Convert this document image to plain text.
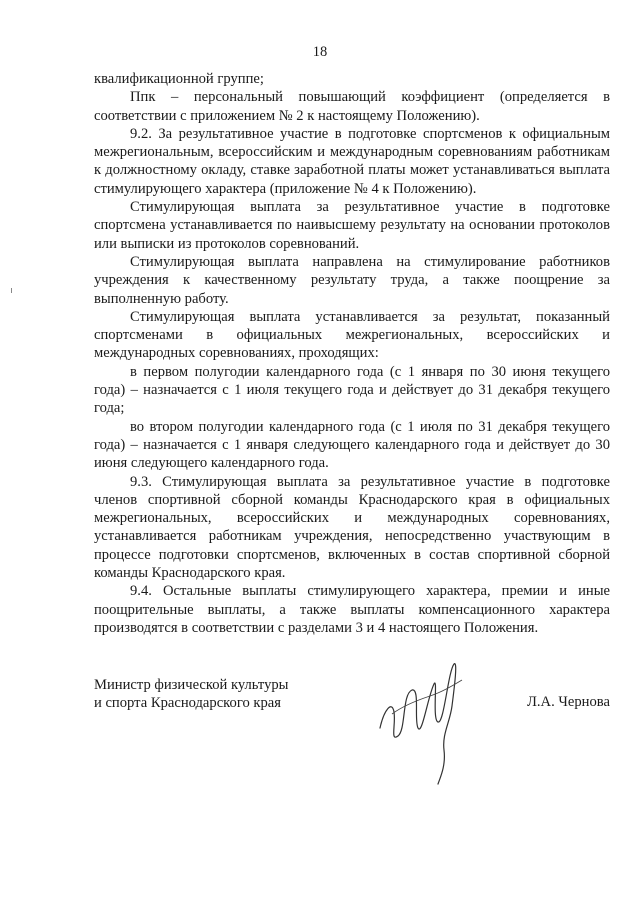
18

квалификационной группе;

Ппк – персональный повышающий коэффициент (определяется в соответствии с приложением № 2 к настоящему Положению).

9.2. За результативное участие в подготовке спортсменов к официальным межрегиональным, всероссийским и международным соревнованиям работникам к должностному окладу, ставке заработной платы может устанавливаться выплата стимулирующего характера (приложение № 4 к Положению).

Стимулирующая выплата за результативное участие в подготовке спортсмена устанавливается по наивысшему результату на основании протоколов или выписки из протоколов соревнований.

Стимулирующая выплата направлена на стимулирование работников учреждения к качественному результату труда, а также поощрение за выполненную работу.

Стимулирующая выплата устанавливается за результат, показанный спортсменами в официальных межрегиональных, всероссийских и международных соревнованиях, проходящих:

в первом полугодии календарного года (с 1 января по 30 июня текущего года) – назначается с 1 июля текущего года и действует до 31 декабря текущего года;

во втором полугодии календарного года (с 1 июля по 31 декабря текущего года) – назначается с 1 января следующего календарного года и действует до 30 июня следующего календарного года.

9.3. Стимулирующая выплата за результативное участие в подготовке членов спортивной сборной команды Краснодарского края в официальных межрегиональных, всероссийских и международных соревнованиях, устанавливается работникам учреждения, непосредственно участвующим в процессе подготовки спортсменов, включенных в состав спортивной сборной команды Краснодарского края.

9.4. Остальные выплаты стимулирующего характера, премии и иные поощрительные выплаты, а также выплаты компенсационного характера производятся в соответствии с разделами 3 и 4 настоящего Положения.

Министр физической культуры
и спорта Краснодарского края	Л.А. Чернова
